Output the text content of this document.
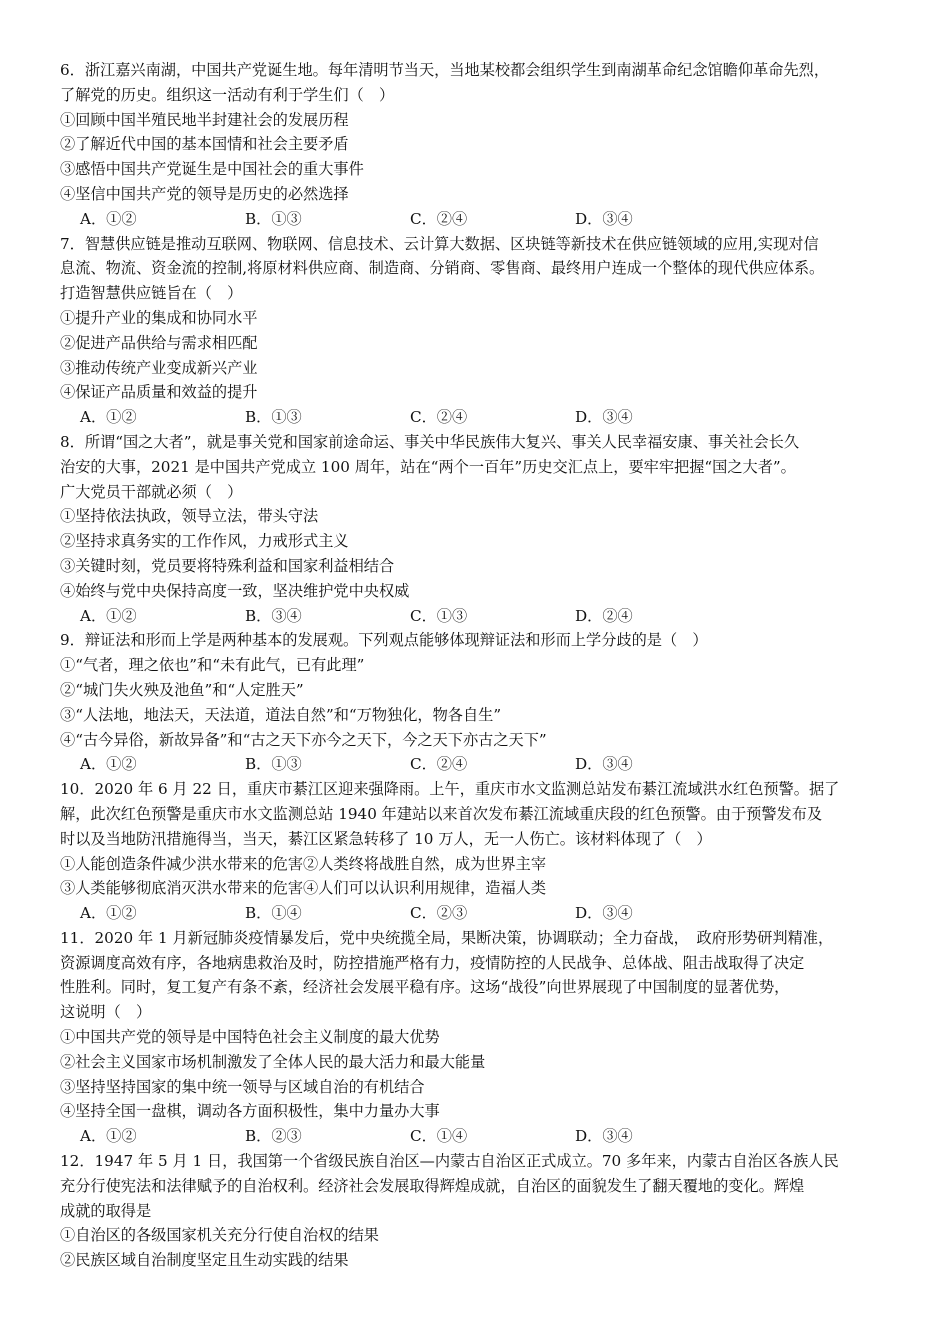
6．浙江嘉兴南湖，中国共产党诞生地。每年清明节当天，当地某校都会组织学生到南湖革命纪念馆瞻仰革命先烈，
了解党的历史。组织这一活动有利于学生们（　）
①回顾中国半殖民地半封建社会的发展历程
②了解近代中国的基本国情和社会主要矛盾
③感悟中国共产党诞生是中国社会的重大事件
④坚信中国共产党的领导是历史的必然选择
A．①②	B．①③	C．②④	D．③④
7．智慧供应链是推动互联网、物联网、信息技术、云计算大数据、区块链等新技术在供应链领域的应用,实现对信
息流、物流、资金流的控制,将原材料供应商、制造商、分销商、零售商、最终用户连成一个整体的现代供应体系。
打造智慧供应链旨在（　）
①提升产业的集成和协同水平
②促进产品供给与需求相匹配
③推动传统产业变成新兴产业
④保证产品质量和效益的提升
A．①②	B．①③	C．②④	D．③④
8．所谓“国之大者”，就是事关党和国家前途命运、事关中华民族伟大复兴、事关人民幸福安康、事关社会长久
治安的大事，2021 是中国共产党成立 100 周年，站在“两个一百年”历史交汇点上，要牢牢把握“国之大者”。
广大党员干部就必须（　）
①坚持依法执政，领导立法，带头守法
②坚持求真务实的工作作风，力戒形式主义
③关键时刻，党员要将特殊利益和国家利益相结合
④始终与党中央保持高度一致，坚决维护党中央权威
A．①②	B．③④	C．①③	D．②④
9．辩证法和形而上学是两种基本的发展观。下列观点能够体现辩证法和形而上学分歧的是（　）
①“气者，理之依也”和“未有此气，已有此理”
②“城门失火殃及池鱼”和“人定胜天”
③“人法地，地法天，天法道，道法自然”和“万物独化，物各自生”
④“古今异俗，新故异备”和“古之天下亦今之天下，今之天下亦古之天下”
A．①②	B．①③	C．②④	D．③④
10．2020 年 6 月 22 日，重庆市綦江区迎来强降雨。上午，重庆市水文监测总站发布綦江流域洪水红色预警。据了
解，此次红色预警是重庆市水文监测总站 1940 年建站以来首次发布綦江流域重庆段的红色预警。由于预警发布及
时以及当地防汛措施得当，当天，綦江区紧急转移了 10 万人，无一人伤亡。该材料体现了（　）
①人能创造条件减少洪水带来的危害②人类终将战胜自然，成为世界主宰
③人类能够彻底消灭洪水带来的危害④人们可以认识利用规律，造福人类
A．①②	B．①④	C．②③	D．③④
11．2020 年 1 月新冠肺炎疫情暴发后，党中央统揽全局，果断决策，协调联动；全力奋战，　政府形势研判精准，
资源调度高效有序，各地病患救治及时，防控措施严格有力，疫情防控的人民战争、总体战、阻击战取得了决定
性胜利。同时，复工复产有条不紊，经济社会发展平稳有序。这场“战役”向世界展现了中国制度的显著优势，
这说明（　）
①中国共产党的领导是中国特色社会主义制度的最大优势
②社会主义国家市场机制激发了全体人民的最大活力和最大能量
③坚持坚持国家的集中统一领导与区域自治的有机结合
④坚持全国一盘棋，调动各方面积极性，集中力量办大事
A．①②	B．②③	C．①④	D．③④
12．1947 年 5 月 1 日，我国第一个省级民族自治区—内蒙古自治区正式成立。70 多年来，内蒙古自治区各族人民
充分行使宪法和法律赋予的自治权利。经济社会发展取得辉煌成就，自治区的面貌发生了翻天覆地的变化。辉煌
成就的取得是
①自治区的各级国家机关充分行使自治权的结果
②民族区域自治制度坚定且生动实践的结果
